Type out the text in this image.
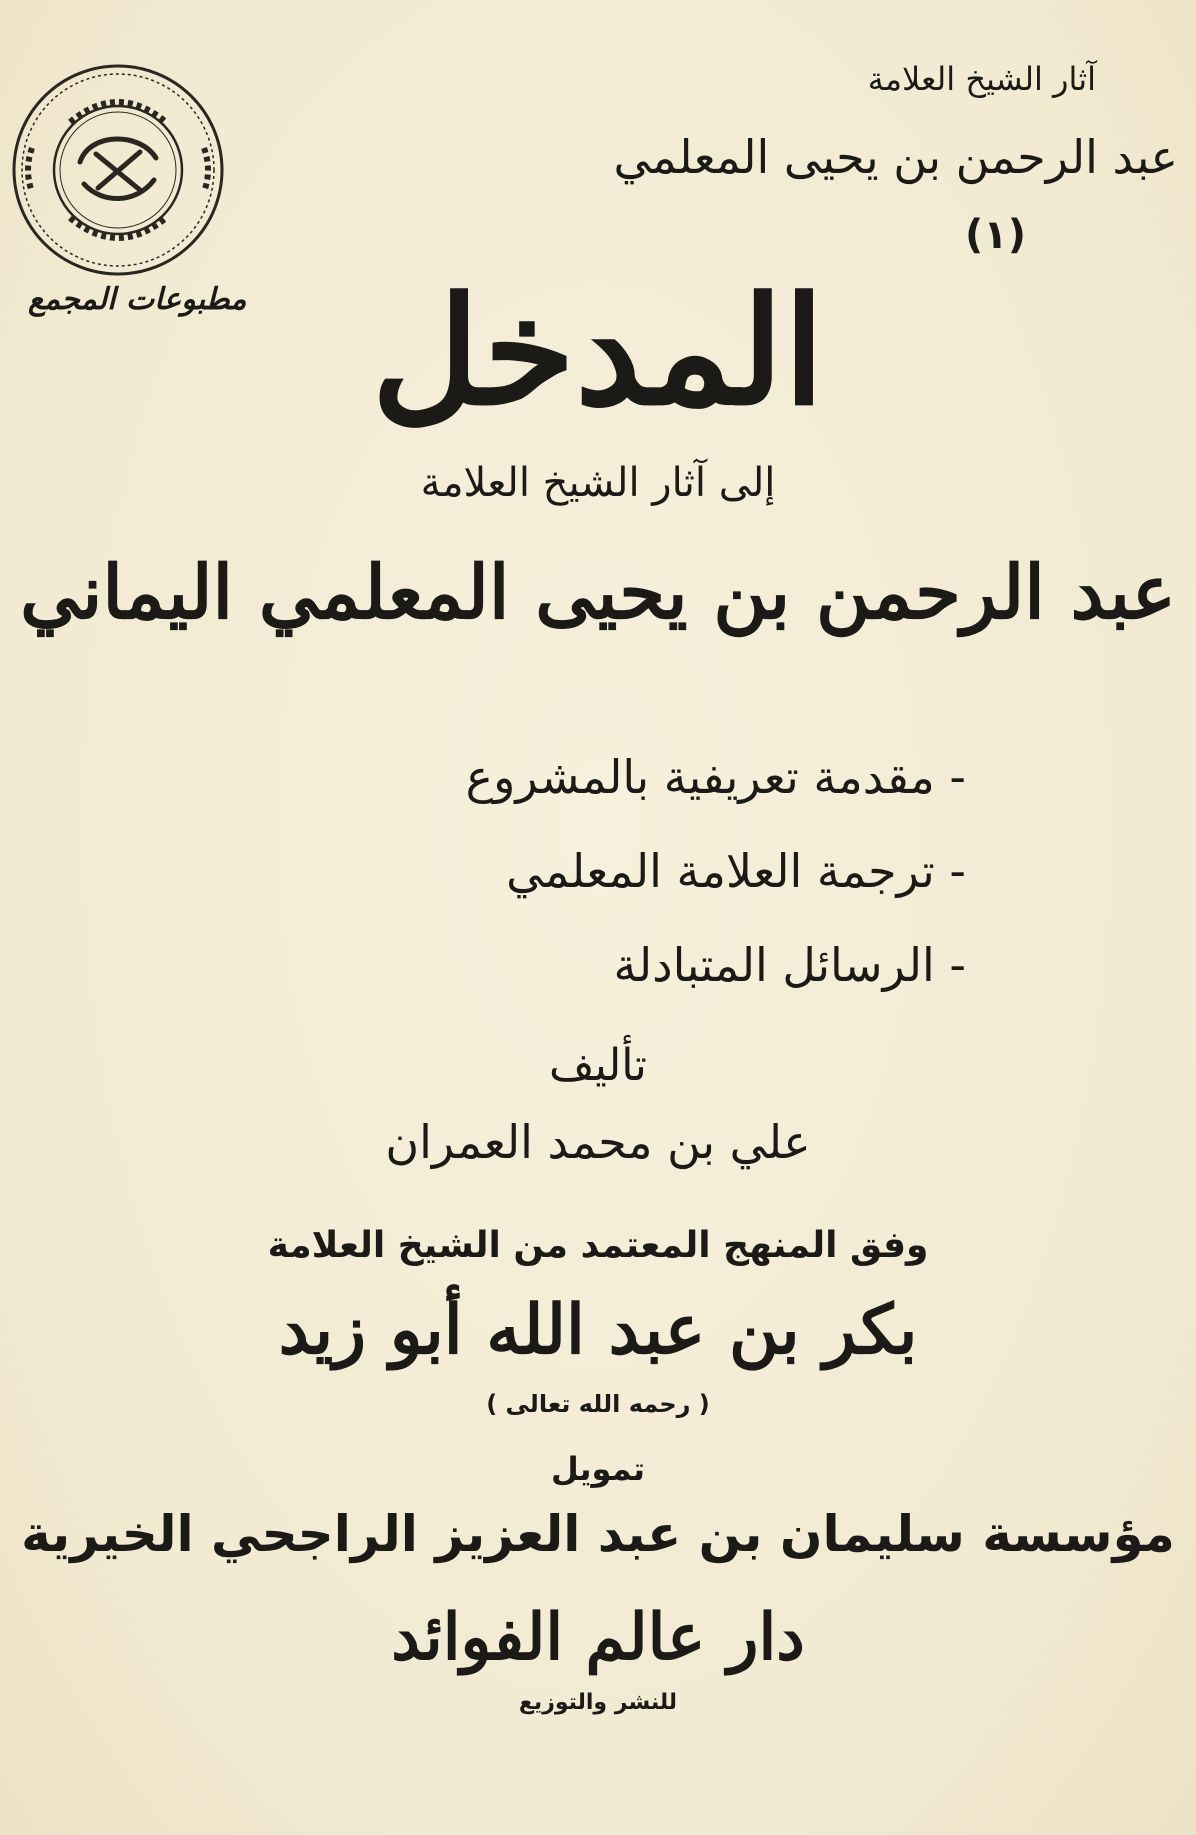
آثار الشيخ العلامة
عبد الرحمن بن يحيى المعلمي
(١)
مطبوعات المجمع المدخل
إلى آثار الشيخ العلامة
عبد الرحمن بن يحيى المعلمي اليماني
- مقدمة تعريفية بالمشروع
- ترجمة العلامة المعلمي
- الرسائل المتبادلة
تأليف
علي بن محمد العمران
وفق المنهج المعتمد من الشيخ العلامة
بكر بن عبد الله أبو زيد
( رحمه الله تعالى )
تمويل
مؤسسة سليمان بن عبد العزيز الراجحي الخيرية
دار عالم الفوائد
للنشر والتوزيع
